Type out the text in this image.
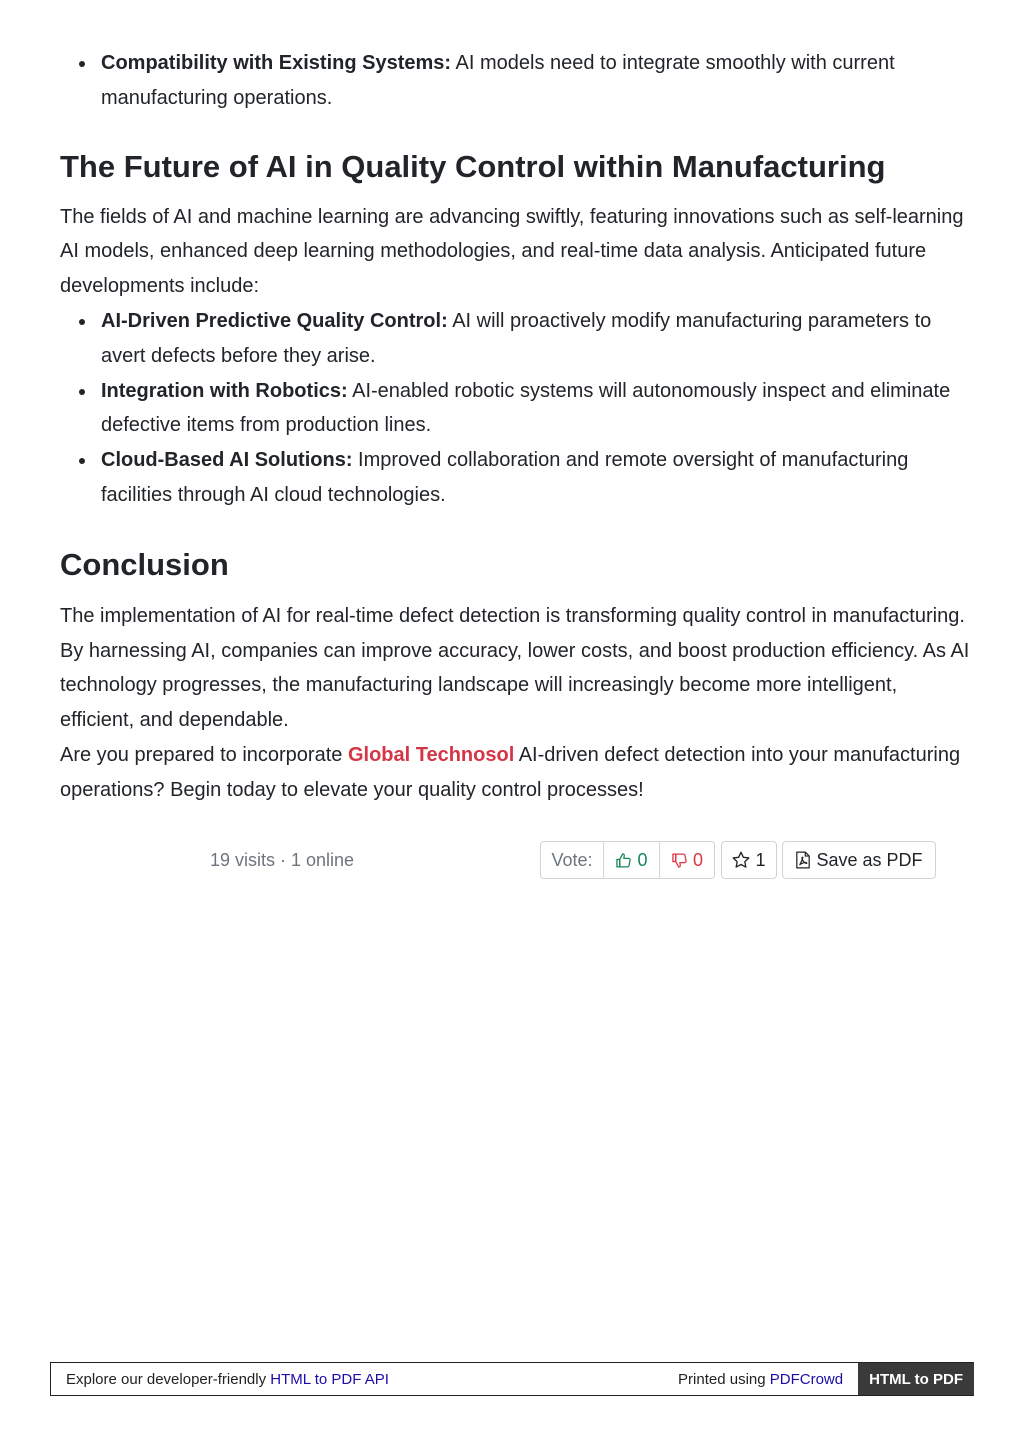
Compatibility with Existing Systems: AI models need to integrate smoothly with current manufacturing operations.
The Future of AI in Quality Control within Manufacturing

The fields of AI and machine learning are advancing swiftly, featuring innovations such as self-learning AI models, enhanced deep learning methodologies, and real-time data analysis. Anticipated future developments include:

AI-Driven Predictive Quality Control: AI will proactively modify manufacturing parameters to avert defects before they arise.
Integration with Robotics: AI-enabled robotic systems will autonomously inspect and eliminate defective items from production lines.
Cloud-Based AI Solutions: Improved collaboration and remote oversight of manufacturing facilities through AI cloud technologies.
Conclusion

The implementation of AI for real-time defect detection is transforming quality control in manufacturing. By harnessing AI, companies can improve accuracy, lower costs, and boost production efficiency. As AI technology progresses, the manufacturing landscape will increasingly become more intelligent, efficient, and dependable.

Are you prepared to incorporate Global Technosol AI-driven defect detection into your manufacturing operations? Begin today to elevate your quality control processes!

19 visits · 1 online	Vote:	0	0	1	Save as PDF
Explore our developer-friendly HTML to PDF API	Printed using PDFCrowd	HTML to PDF
